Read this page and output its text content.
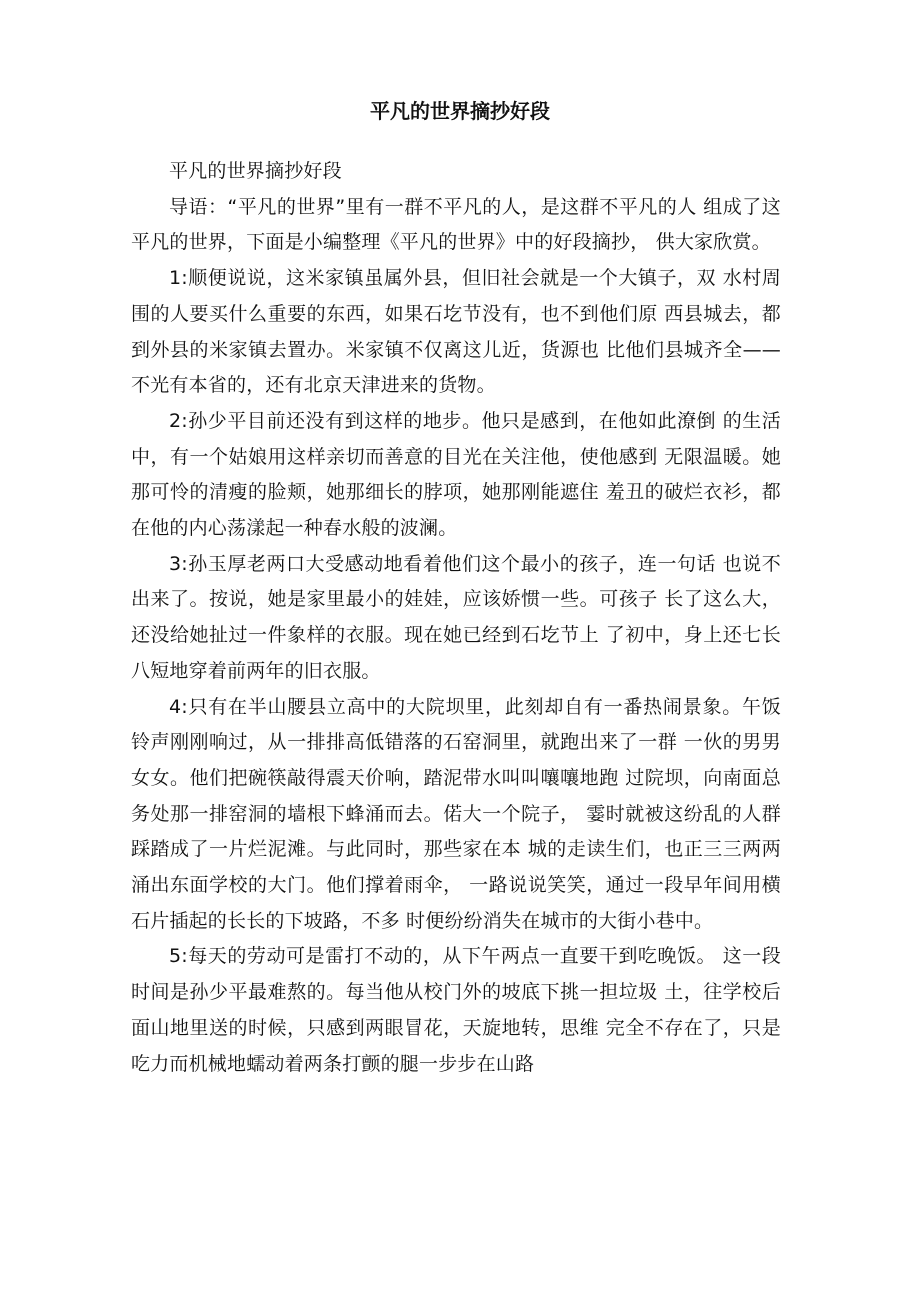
平凡的世界摘抄好段

平凡的世界摘抄好段

导语：“平凡的世界”里有一群不平凡的人，是这群不平凡的人 组成了这平凡的世界，下面是小编整理《平凡的世界》中的好段摘抄， 供大家欣赏。

1:顺便说说，这米家镇虽属外县，但旧社会就是一个大镇子，双 水村周围的人要买什么重要的东西，如果石圪节没有，也不到他们原 西县城去，都到外县的米家镇去置办。米家镇不仅离这儿近，货源也 比他们县城齐全——不光有本省的，还有北京天津进来的货物。

2:孙少平目前还没有到这样的地步。他只是感到，在他如此潦倒 的生活中，有一个姑娘用这样亲切而善意的目光在关注他，使他感到 无限温暖。她那可怜的清瘦的脸颊，她那细长的脖项，她那刚能遮住 羞丑的破烂衣衫，都在他的内心荡漾起一种春水般的波澜。

3:孙玉厚老两口大受感动地看着他们这个最小的孩子，连一句话 也说不出来了。按说，她是家里最小的娃娃，应该娇惯一些。可孩子 长了这么大，还没给她扯过一件象样的衣服。现在她已经到石圪节上 了初中，身上还七长八短地穿着前两年的旧衣服。

4:只有在半山腰县立高中的大院坝里，此刻却自有一番热闹景象。午饭铃声刚刚响过，从一排排高低错落的石窑洞里，就跑出来了一群 一伙的男男女女。他们把碗筷敲得震天价响，踏泥带水叫叫嚷嚷地跑 过院坝，向南面总务处那一排窑洞的墙根下蜂涌而去。偌大一个院子， 霎时就被这纷乱的人群踩踏成了一片烂泥滩。与此同时，那些家在本 城的走读生们，也正三三两两涌出东面学校的大门。他们撑着雨伞， 一路说说笑笑，通过一段早年间用横石片插起的长长的下坡路，不多 时便纷纷消失在城市的大街小巷中。

5:每天的劳动可是雷打不动的，从下午两点一直要干到吃晚饭。 这一段时间是孙少平最难熬的。每当他从校门外的坡底下挑一担垃圾 土，往学校后面山地里送的时候，只感到两眼冒花，天旋地转，思维 完全不存在了，只是吃力而机械地蠕动着两条打颤的腿一步步在山路
